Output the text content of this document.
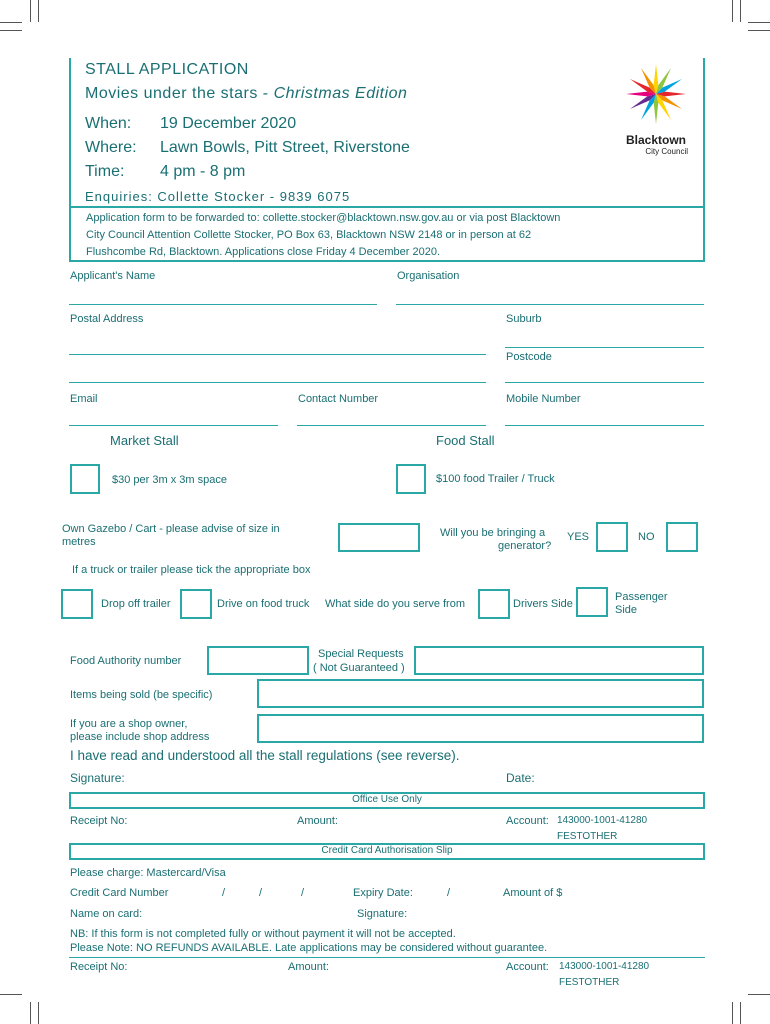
STALL APPLICATION
Movies under the stars - Christmas Edition
When: 19 December 2020
Where: Lawn Bowls, Pitt Street, Riverstone
Time: 4 pm - 8 pm
Enquiries: Collette Stocker - 9839 6075
Application form to be forwarded to: collette.stocker@blacktown.nsw.gov.au or via post Blacktown
City Council Attention Collette Stocker, PO Box 63, Blacktown NSW 2148 or in person at 62
Flushcombe Rd, Blacktown. Applications close Friday 4 December 2020.
Blacktown
City Council
Applicant's Name	Organisation
Postal Address	Suburb
Postcode
Email	Contact Number	Mobile Number
Market Stall	Food Stall
$30 per 3m x 3m space	$100 food Trailer / Truck
Own Gazebo / Cart - please advise of size in
metres
Will you be bringing a
generator?
YES	NO
If a truck or trailer please tick the appropriate box
Drop off trailer	Drive on food truck What side do you serve from	Drivers Side
Passenger
Side
Food Authority number
Special Requests
( Not Guaranteed )
Items being sold (be specific)
If you are a shop owner,
please include shop address
I have read and understood all the stall regulations (see reverse).
Signature:	Date:
Office Use Only
Receipt No:	Amount:	Account: 143000-1001-41280
FESTOTHER
Credit Card Authorisation Slip
Please charge: Mastercard/Visa
Credit Card Number	/	/	/	Expiry Date:	/	Amount of $
Name on card:	Signature:
NB: If this form is not completed fully or without payment it will not be accepted.
Please Note: NO REFUNDS AVAILABLE. Late applications may be considered without guarantee.
Receipt No:	Amount:	Account: 143000-1001-41280
FESTOTHER
